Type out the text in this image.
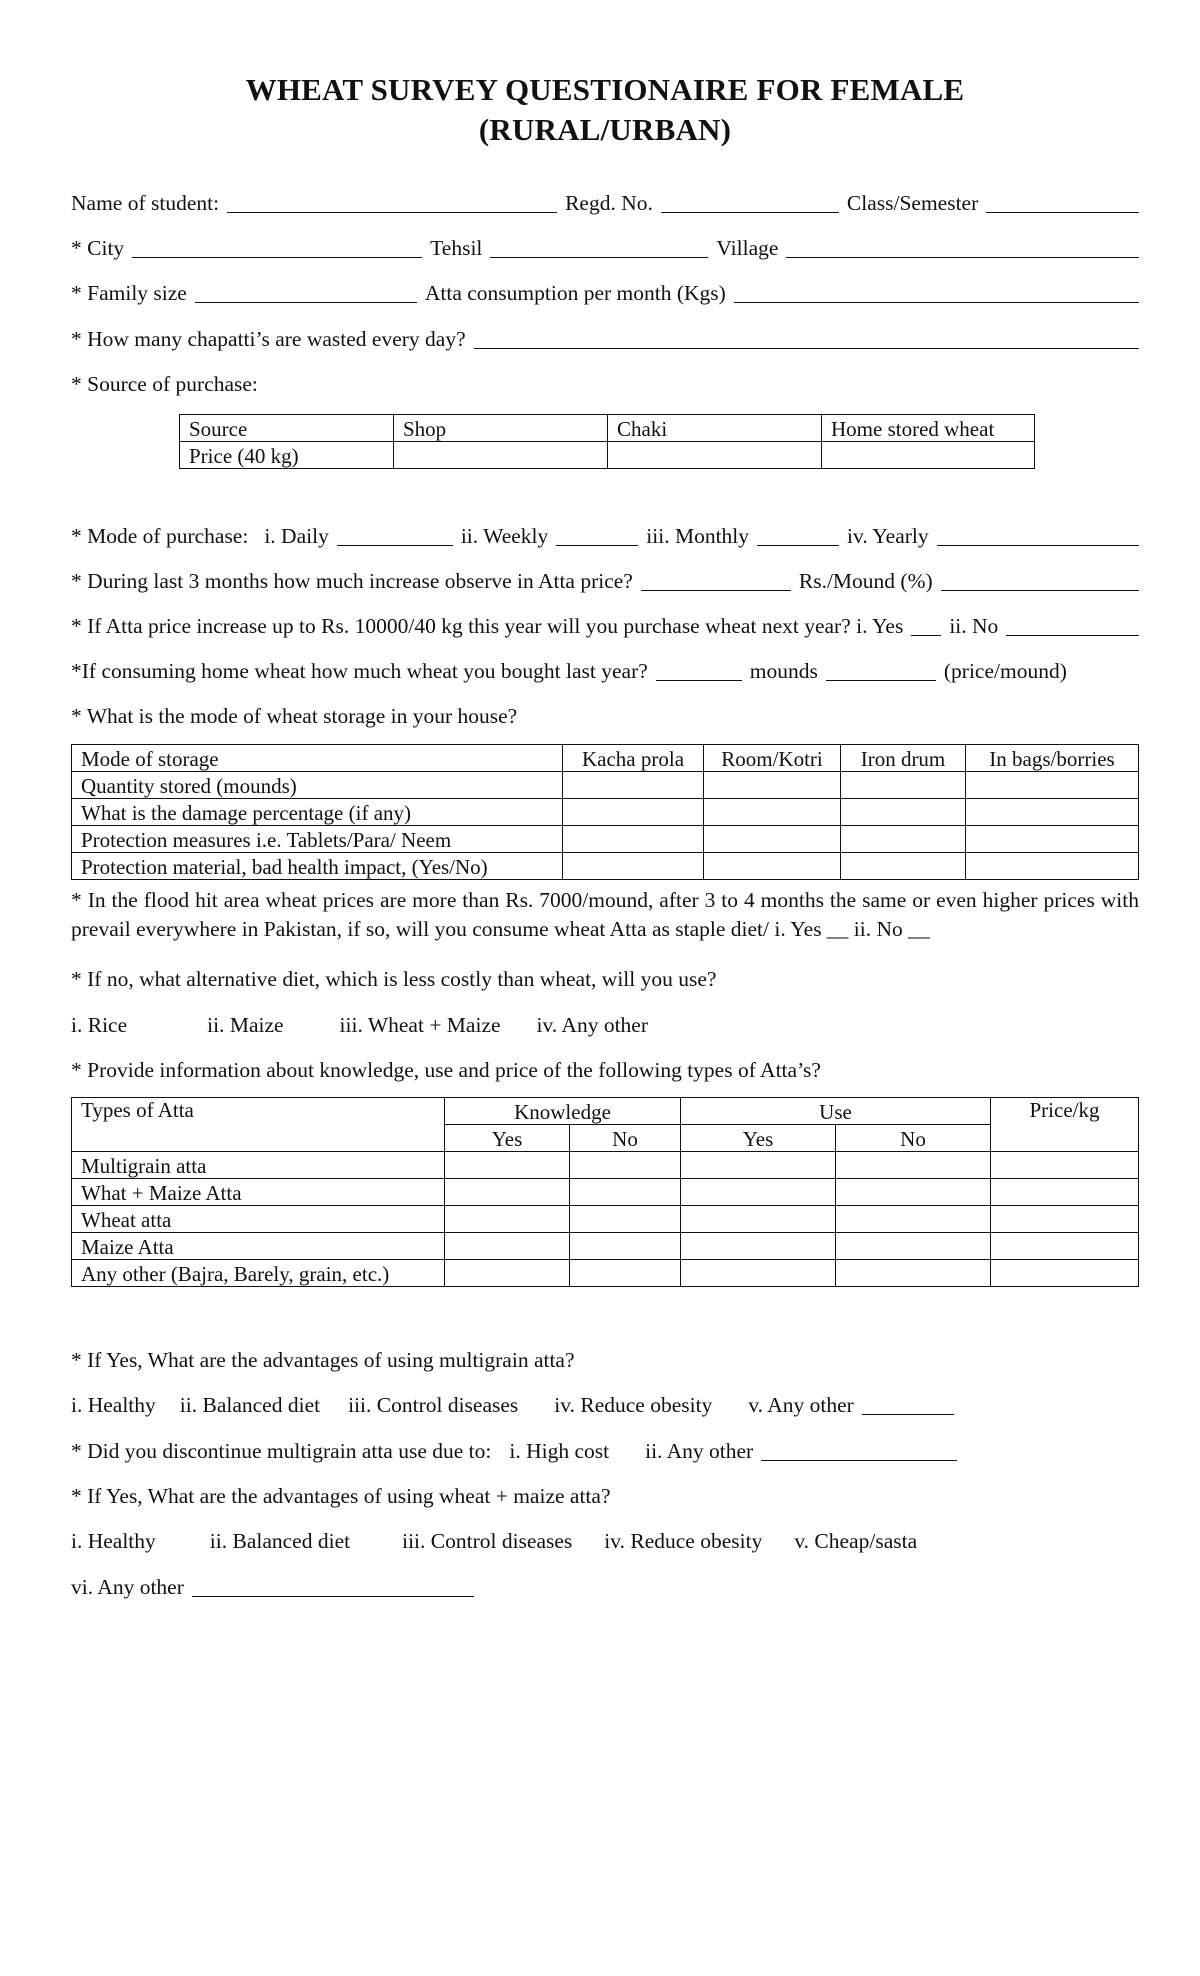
WHEAT SURVEY QUESTIONAIRE FOR FEMALE
(RURAL/URBAN)
Name of student:	Regd. No.	Class/Semester
* City	Tehsil	Village
* Family size	Atta consumption per month (Kgs)
* How many chapatti’s are wasted every day?
* Source of purchase:
Source	Shop	Chaki	Home stored wheat
Price (40 kg)			
* Mode of purchase: i. Daily	ii. Weekly	iii. Monthly	iv. Yearly
* During last 3 months how much increase observe in Atta price?	Rs./Mound (%)
* If Atta price increase up to Rs. 10000/40 kg this year will you purchase wheat next year? i. Yes ii. No
*If consuming home wheat how much wheat you bought last year?	mounds	(price/mound)
* What is the mode of wheat storage in your house?
Mode of storage	Kacha prola	Room/Kotri	Iron drum	In bags/borries
Quantity stored (mounds)				
What is the damage percentage (if any)				
Protection measures i.e. Tablets/Para/ Neem				
Protection material, bad health impact, (Yes/No)				
* In the flood hit area wheat prices are more than Rs. 7000/mound, after 3 to 4 months the same or even higher prices with prevail everywhere in Pakistan, if so, will you consume wheat Atta as staple diet/ i. Yes __ ii. No __
* If no, what alternative diet, which is less costly than wheat, will you use?
i. Rice	ii. Maize	iii. Wheat + Maize iv. Any other
* Provide information about knowledge, use and price of the following types of Atta’s?
Types of Atta	Knowledge		Use		Price/kg
	Yes	No	Yes	No	
Multigrain atta					
What + Maize Atta					
Wheat atta					
Maize Atta					
Any other (Bajra, Barely, grain, etc.)					
* If Yes, What are the advantages of using multigrain atta?
i. Healthy ii. Balanced diet iii. Control diseases iv. Reduce obesity v. Any other
* Did you discontinue multigrain atta use due to: i. High cost ii. Any other
* If Yes, What are the advantages of using wheat + maize atta?
i. Healthy	ii. Balanced diet iii. Control diseases iv. Reduce obesity v. Cheap/sasta
vi. Any other
